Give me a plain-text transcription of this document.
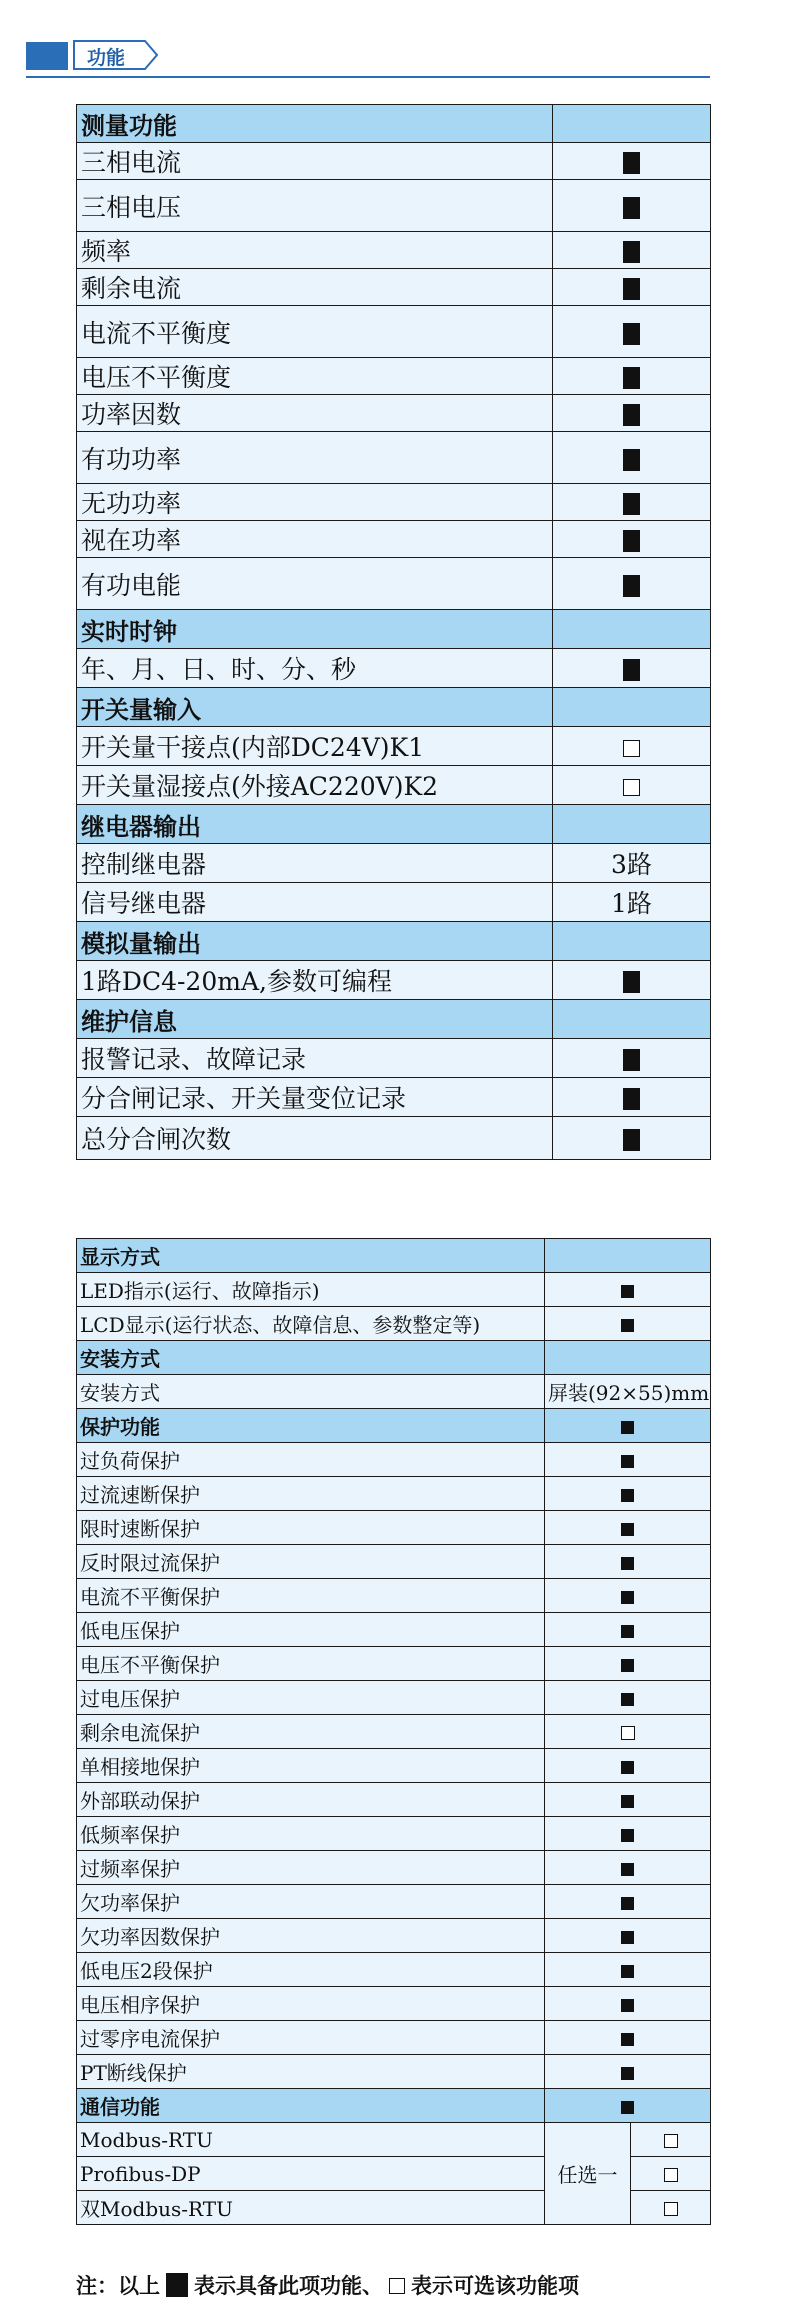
功能
测量功能	
三相电流	
三相电压	
频率	
剩余电流	
电流不平衡度	
电压不平衡度	
功率因数	
有功功率	
无功功率	
视在功率	
有功电能	
实时时钟	
年、月、日、时、分、秒	
开关量输入	
开关量干接点(内部DC24V)K1	
开关量湿接点(外接AC220V)K2	
继电器输出	
控制继电器	3路
信号继电器	1路
模拟量输出	
1路DC4-20mA,参数可编程	
维护信息	
报警记录、故障记录	
分合闸记录、开关量变位记录	
总分合闸次数	
显示方式		
LED指示(运行、故障指示)		
LCD显示(运行状态、故障信息、参数整定等)		
安装方式		
安装方式	屏装(92×55)mm	
保护功能		
过负荷保护		
过流速断保护		
限时速断保护		
反时限过流保护		
电流不平衡保护		
低电压保护		
电压不平衡保护		
过电压保护		
剩余电流保护		
单相接地保护		
外部联动保护		
低频率保护		
过频率保护		
欠功率保护		
欠功率因数保护		
低电压2段保护		
电压相序保护		
过零序电流保护		
PT断线保护		
通信功能		
Modbus-RTU	任选一	
Profibus-DP		
双Modbus-RTU		
注：以上 表示具备此项功能、 表示可选该功能项
